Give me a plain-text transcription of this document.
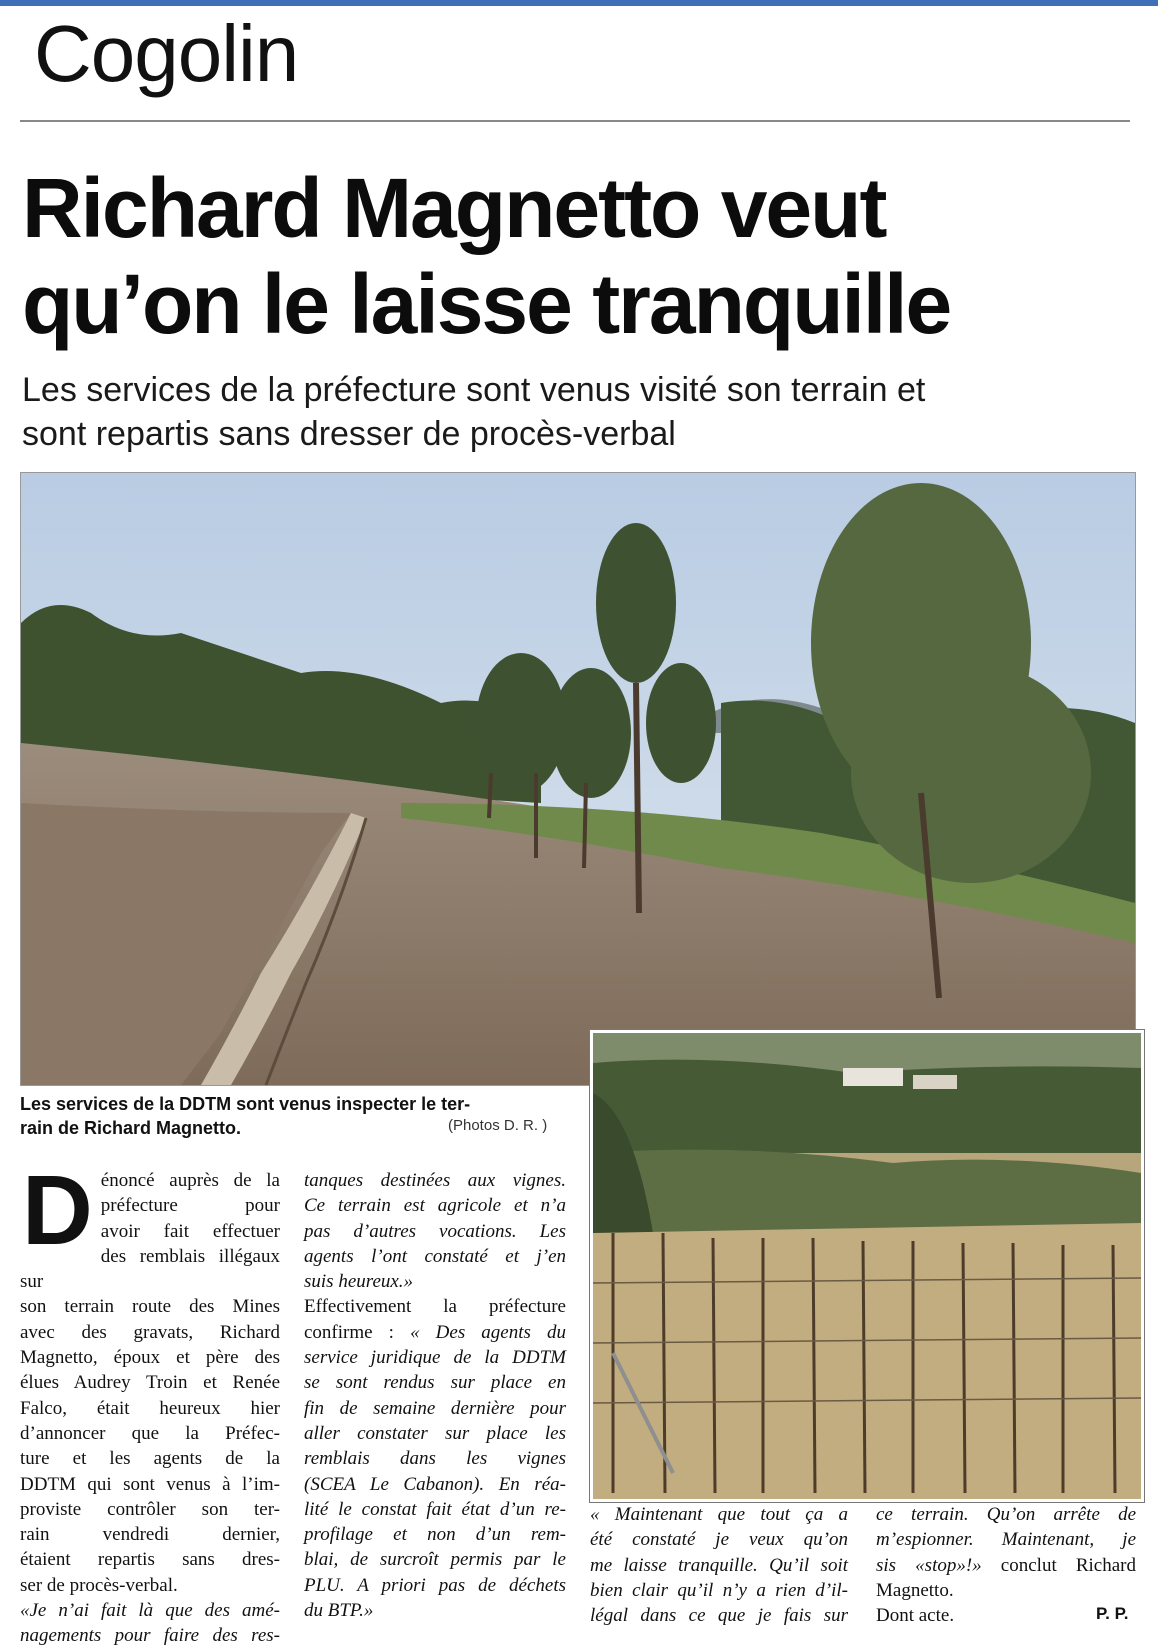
Cogolin
Richard Magnetto veut
qu’on le laisse tranquille
Les services de la préfecture sont venus visité son terrain et
sont repartis sans dresser de procès-verbal
Les services de la DDTM sont venus inspecter le ter-
rain de Richard Magnetto.	(Photos D. R. )
D énoncé auprès de la
préfecture pour
avoir fait effectuer
des remblais illégaux sur
son terrain route des Mines
avec des gravats, Richard
Magnetto, époux et père des
élues Audrey Troin et Renée
Falco, était heureux hier
d’annoncer que la Préfec-
ture et les agents de la
DDTM qui sont venus à l’im-
proviste contrôler son ter-
rain vendredi dernier,
étaient repartis sans dres-
ser de procès-verbal.
«Je n’ai fait là que des amé-
nagements pour faire des res-
tanques destinées aux vignes.
Ce terrain est agricole et n’a
pas d’autres vocations. Les
agents l’ont constaté et j’en
suis heureux.»
Effectivement la préfecture
confirme : « Des agents du
service juridique de la DDTM
se sont rendus sur place en
fin de semaine dernière pour
aller constater sur place les
remblais dans les vignes
(SCEA Le Cabanon). En réa-
lité le constat fait état d’un re-
profilage et non d’un rem-
blai, de surcroît permis par le
PLU. A priori pas de déchets
du BTP.»
« Maintenant que tout ça a
été constaté je veux qu’on
me laisse tranquille. Qu’il soit
bien clair qu’il n’y a rien d’il-
légal dans ce que je fais sur
ce terrain. Qu’on arrête de
m’espionner. Maintenant, je
sis «stop»!» conclut Richard
Magnetto.
Dont acte.	P. P.
